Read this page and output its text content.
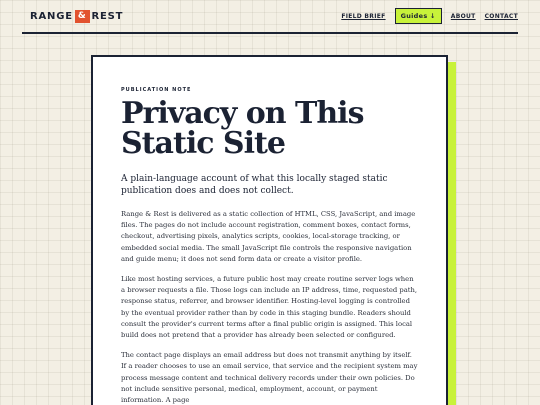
RANGE & REST	FIELD BRIEF	Guides ↓	ABOUT CONTACT
PUBLICATION NOTE
Privacy on This Static Site

A plain-language account of what this locally staged static publication does and does not collect.

Range & Rest is delivered as a static collection of HTML, CSS, JavaScript, and image files. The pages do not include account registration, comment boxes, contact forms, checkout, advertising pixels, analytics scripts, cookies, local-storage tracking, or embedded social media. The small JavaScript file controls the responsive navigation and guide menu; it does not send form data or create a visitor profile.

Like most hosting services, a future public host may create routine server logs when a browser requests a file. Those logs can include an IP address, time, requested path, response status, referrer, and browser identifier. Hosting-level logging is controlled by the eventual provider rather than by code in this staging bundle. Readers should consult the provider's current terms after a final public origin is assigned. This local build does not pretend that a provider has already been selected or configured.

The contact page displays an email address but does not transmit anything by itself. If a reader chooses to use an email service, that service and the recipient system may process message content and technical delivery records under their own policies. Do not include sensitive personal, medical, employment, account, or payment information. A page
